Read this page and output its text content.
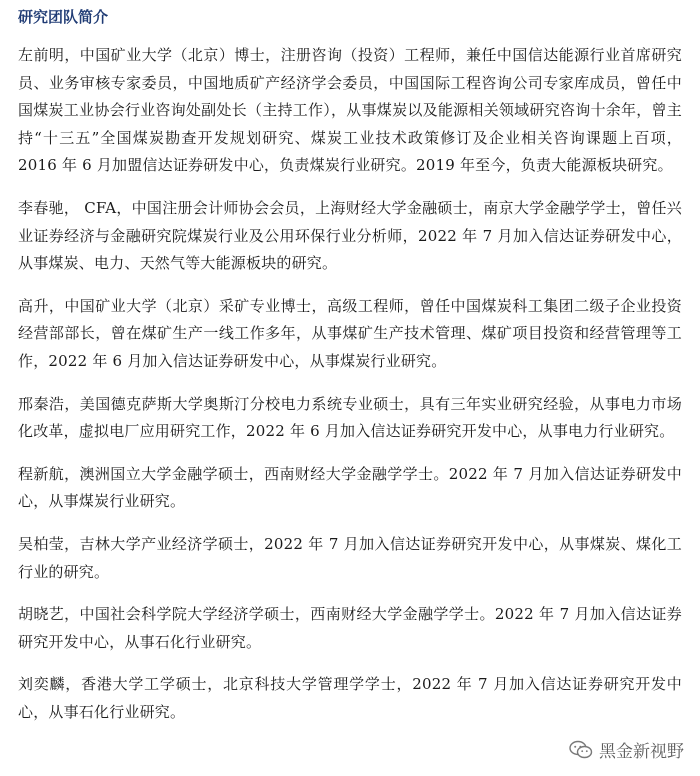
研究团队简介

左前明，中国矿业大学（北京）博士，注册咨询（投资）工程师，兼任中国信达能源行业首席研究员、业务审核专家委员，中国地质矿产经济学会委员，中国国际工程咨询公司专家库成员，曾任中国煤炭工业协会行业咨询处副处长（主持工作），从事煤炭以及能源相关领域研究咨询十余年，曾主持“十三五”全国煤炭勘查开发规划研究、煤炭工业技术政策修订及企业相关咨询课题上百项， 2016 年 6 月加盟信达证券研发中心，负责煤炭行业研究。2019 年至今，负责大能源板块研究。

李春驰， CFA，中国注册会计师协会会员，上海财经大学金融硕士，南京大学金融学学士，曾任兴业证券经济与金融研究院煤炭行业及公用环保行业分析师，2022 年 7 月加入信达证券研发中心，从事煤炭、电力、天然气等大能源板块的研究。

高升，中国矿业大学（北京）采矿专业博士，高级工程师，曾任中国煤炭科工集团二级子企业投资经营部部长，曾在煤矿生产一线工作多年，从事煤矿生产技术管理、煤矿项目投资和经营管理等工作，2022 年 6 月加入信达证券研发中心，从事煤炭行业研究。

邢秦浩，美国德克萨斯大学奥斯汀分校电力系统专业硕士，具有三年实业研究经验，从事电力市场化改革，虚拟电厂应用研究工作，2022 年 6 月加入信达证券研究开发中心，从事电力行业研究。

程新航，澳洲国立大学金融学硕士，西南财经大学金融学学士。2022 年 7 月加入信达证券研发中心，从事煤炭行业研究。

吴柏莹，吉林大学产业经济学硕士，2022 年 7 月加入信达证券研究开发中心，从事煤炭、煤化工行业的研究。

胡晓艺，中国社会科学院大学经济学硕士，西南财经大学金融学学士。2022 年 7 月加入信达证券研究开发中心，从事石化行业研究。

刘奕麟，香港大学工学硕士，北京科技大学管理学学士，2022 年 7 月加入信达证券研究开发中心，从事石化行业研究。

黑金新视野
